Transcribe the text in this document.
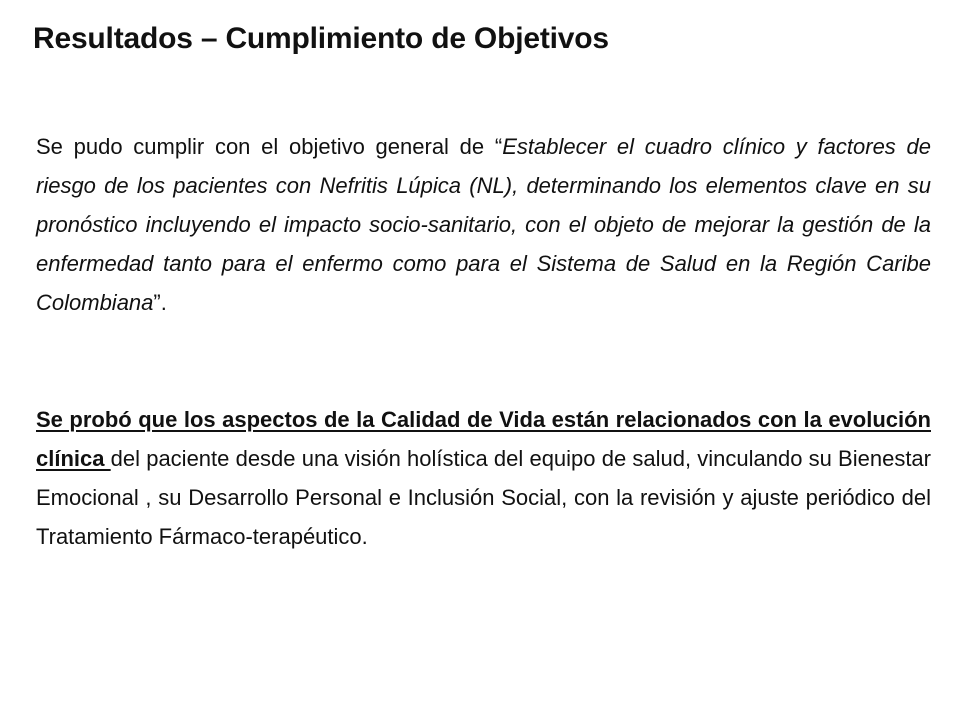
Resultados – Cumplimiento de Objetivos

Se pudo cumplir con el objetivo general de “Establecer el cuadro clínico y factores de riesgo de los pacientes con Nefritis Lúpica (NL), determinando los elementos clave en su pronóstico incluyendo el impacto socio-sanitario, con el objeto de mejorar la gestión de la enfermedad tanto para el enfermo como para el Sistema de Salud en la Región Caribe Colombiana”.

Se probó que los aspectos de la Calidad de Vida están relacionados con la evolución clínica del paciente desde una visión holística del equipo de salud, vinculando su Bienestar Emocional , su Desarrollo Personal e Inclusión Social, con la revisión y ajuste periódico del Tratamiento Fármaco-terapéutico.
